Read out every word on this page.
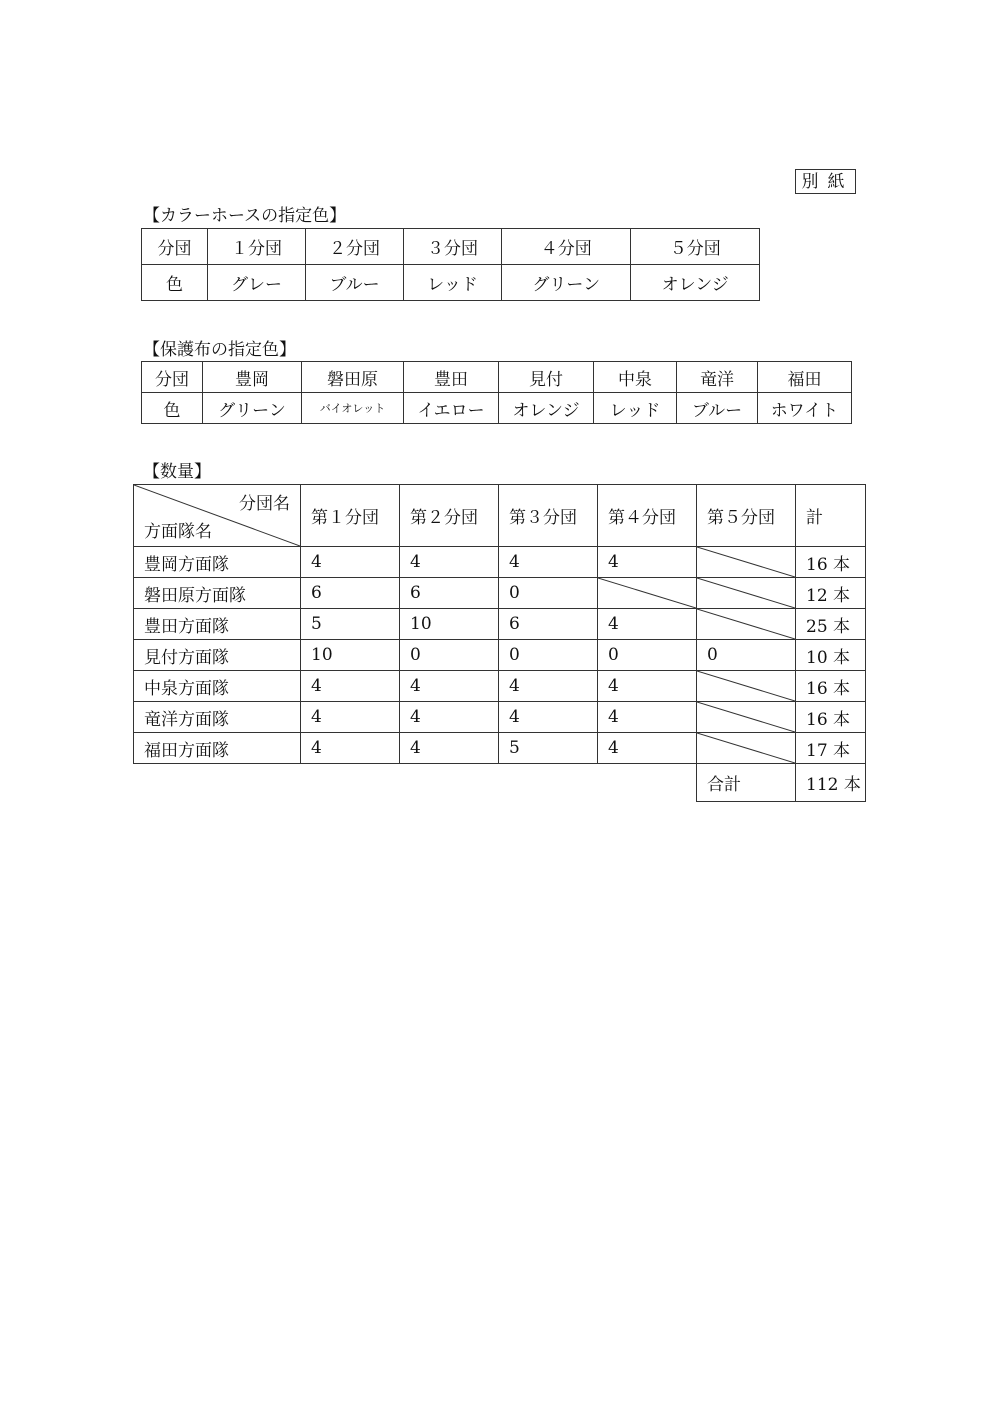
別紙
【カラーホースの指定色】
分団	１分団	２分団	３分団	４分団	５分団
色	グレー	ブルー	レッド	グリーン	オレンジ
【保護布の指定色】
分団	豊岡	磐田原	豊田	見付	中泉	竜洋	福田
色	グリーン	バイオレット	イエロー	オレンジ	レッド	ブルー	ホワイト
【数量】
分団名
方面隊名	第１分団	第２分団	第３分団	第４分団	第５分団	計
豊岡方面隊	4	4	4	4		16 本
磐田原方面隊	6	6	0			12 本
豊田方面隊	5	10	6	4		25 本
見付方面隊	10	0	0	0	0	10 本
中泉方面隊	4	4	4	4		16 本
竜洋方面隊	4	4	4	4		16 本
福田方面隊	4	4	5	4		17 本
					合計	112 本
